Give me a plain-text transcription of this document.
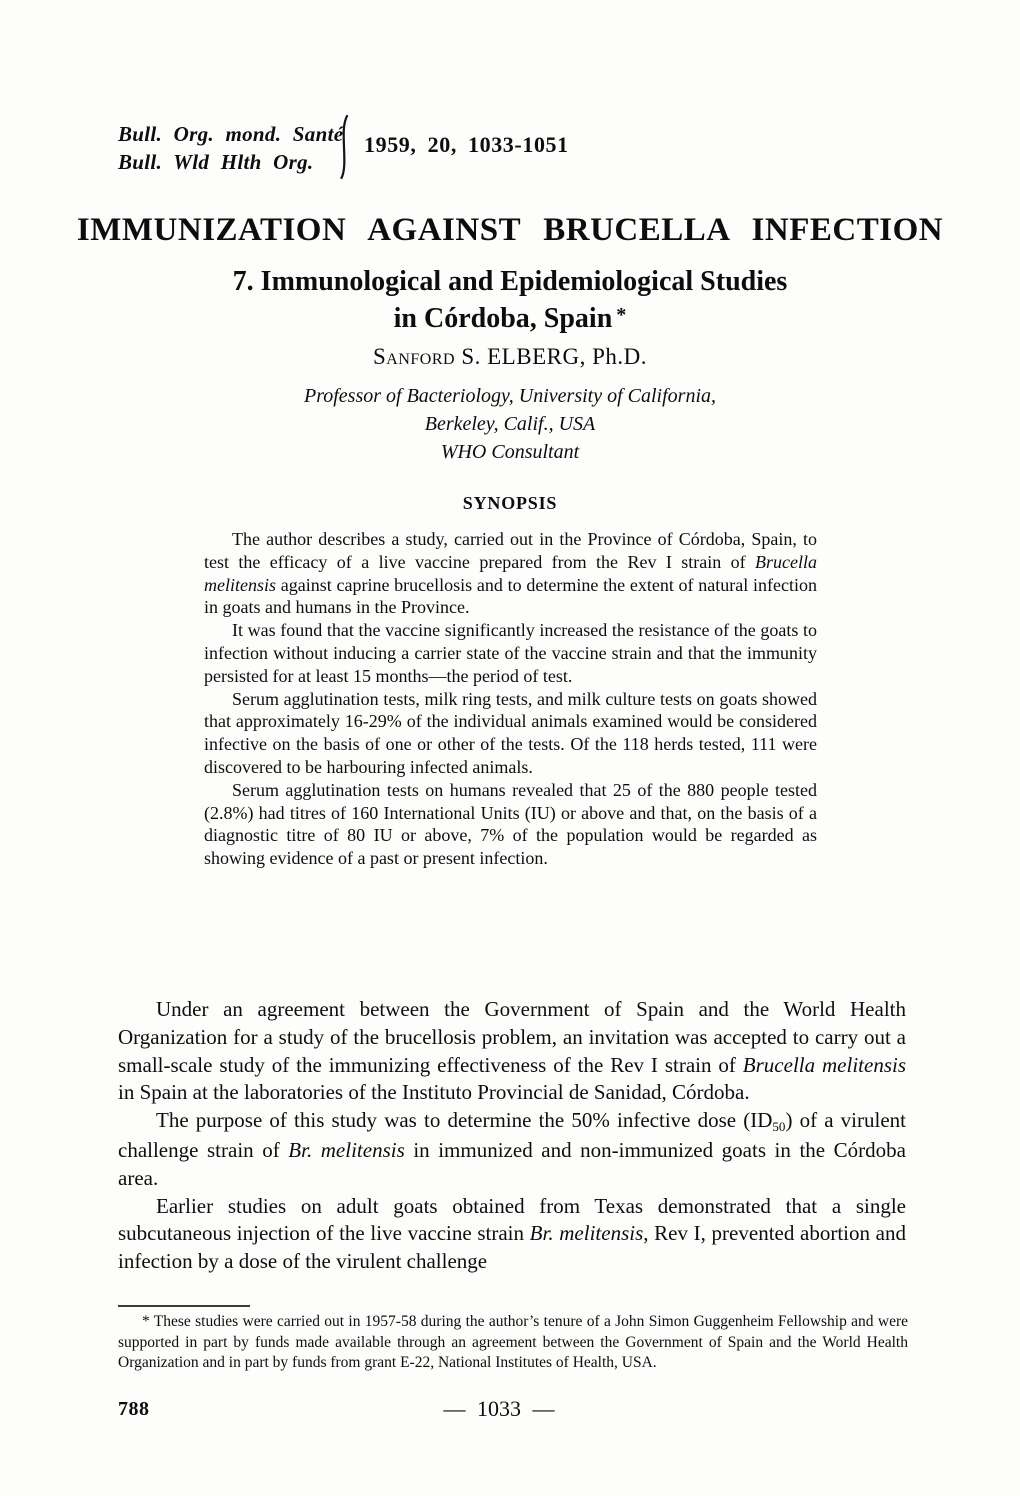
Bull. Org. mond. Santé
Bull. Wld Hlth Org.
1959, 20, 1033-1051
IMMUNIZATION AGAINST BRUCELLA INFECTION
7. Immunological and Epidemiological Studies
in Córdoba, Spain *
Sanford S. ELBERG, Ph.D.
Professor of Bacteriology, University of California,
Berkeley, Calif., USA
WHO Consultant
SYNOPSIS

The author describes a study, carried out in the Province of Córdoba, Spain, to test the efficacy of a live vaccine prepared from the Rev I strain of Brucella melitensis against caprine brucellosis and to determine the extent of natural infection in goats and humans in the Province.

It was found that the vaccine significantly increased the resistance of the goats to infection without inducing a carrier state of the vaccine strain and that the immunity persisted for at least 15 months—the period of test.

Serum agglutination tests, milk ring tests, and milk culture tests on goats showed that approximately 16-29% of the individual animals examined would be considered infective on the basis of one or other of the tests. Of the 118 herds tested, 111 were discovered to be harbouring infected animals.

Serum agglutination tests on humans revealed that 25 of the 880 people tested (2.8%) had titres of 160 International Units (IU) or above and that, on the basis of a diagnostic titre of 80 IU or above, 7% of the population would be regarded as showing evidence of a past or present infection.

Under an agreement between the Government of Spain and the World Health Organization for a study of the brucellosis problem, an invitation was accepted to carry out a small-scale study of the immunizing effectiveness of the Rev I strain of Brucella melitensis in Spain at the laboratories of the Instituto Provincial de Sanidad, Córdoba.

The purpose of this study was to determine the 50% infective dose (ID50) of a virulent challenge strain of Br. melitensis in immunized and non-immunized goats in the Córdoba area.

Earlier studies on adult goats obtained from Texas demonstrated that a single subcutaneous injection of the live vaccine strain Br. melitensis, Rev I, prevented abortion and infection by a dose of the virulent challenge

* These studies were carried out in 1957-58 during the author’s tenure of a John Simon Guggenheim Fellowship and were supported in part by funds made available through an agreement between the Government of Spain and the World Health Organization and in part by funds from grant E-22, National Institutes of Health, USA.

788	— 1033 —
